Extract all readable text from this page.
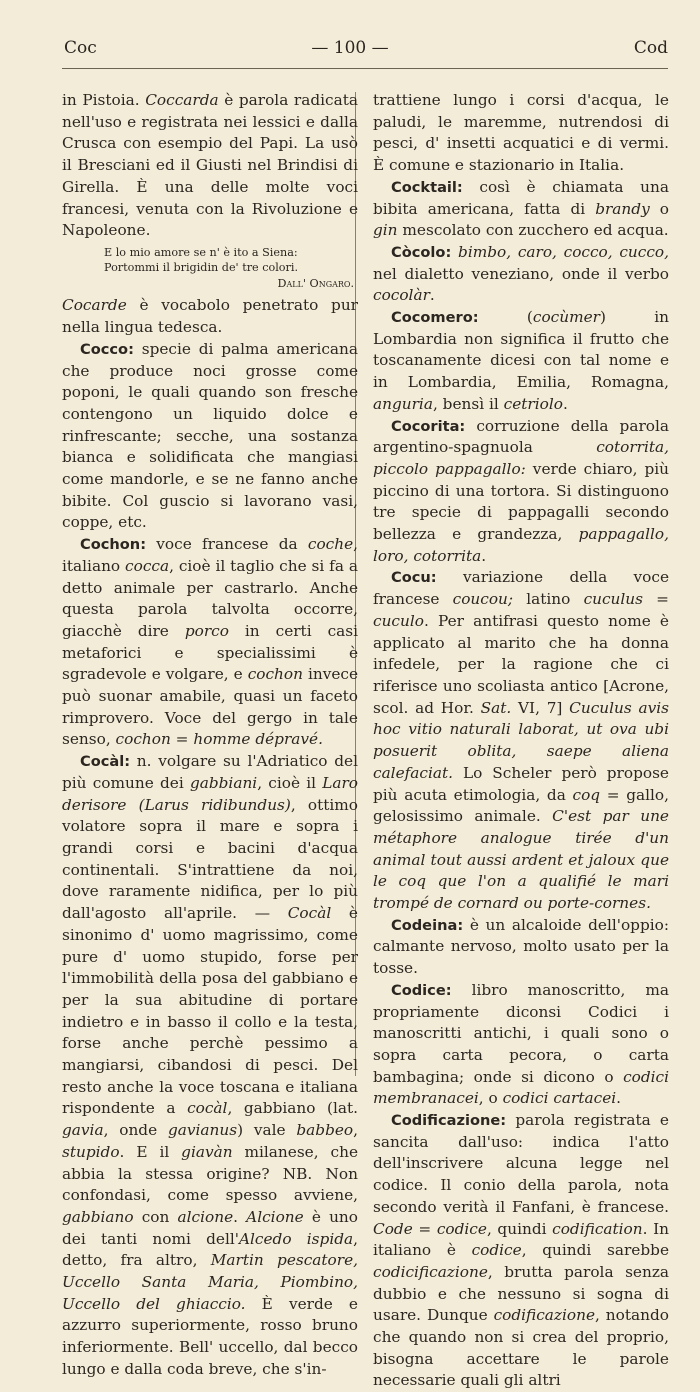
Coc	— 100 —	Cod

in Pistoia. Coccarda è parola radicata nell'uso e registrata nei lessici e dalla Crusca con esempio del Papi. La usò il Bresciani ed il Giusti nel Brindisi di Girella. È una delle molte voci francesi, venuta con la Rivoluzione e Napoleone.

E lo mio amore se n' è ito a Siena:
Portommi il brigidin de' tre colori.
Dall' Ongaro.

Cocarde è vocabolo penetrato pur nella lingua tedesca.

Cocco: specie di palma americana che produce noci grosse come poponi, le quali quando son fresche contengono un liquido dolce e rinfrescante; secche, una sostanza bianca e solidificata che mangiasi come mandorle, e se ne fanno anche bibite. Col guscio si lavorano vasi, coppe, etc.

Cochon: voce francese da coche, italiano cocca, cioè il taglio che si fa a detto animale per castrarlo. Anche questa parola talvolta occorre, giacchè dire porco in certi casi metaforici e specialissimi è sgradevole e volgare, e cochon invece può suonar amabile, quasi un faceto rimprovero. Voce del gergo in tale senso, cochon = homme dépravé.

Cocàl: n. volgare su l'Adriatico del più comune dei gabbiani, cioè il Laro derisore (Larus ridibundus), ottimo volatore sopra il mare e sopra i grandi corsi e bacini d'acqua continentali. S'intrattiene da noi, dove raramente nidifica, per lo più dall'agosto all'aprile. — Cocàl è sinonimo d' uomo magrissimo, come pure d' uomo stupido, forse per l'immobilità della posa del gabbiano e per la sua abitudine di portare indietro e in basso il collo e la testa, forse anche perchè pessimo a mangiarsi, cibandosi di pesci. Del resto anche la voce toscana e italiana rispondente a cocàl, gabbiano (lat. gavia, onde gavianus) vale babbeo, stupido. E il giavàn milanese, che abbia la stessa origine? NB. Non confondasi, come spesso avviene, gabbiano con alcione. Alcione è uno dei tanti nomi dell'Alcedo ispida, detto, fra altro, Martin pescatore, Uccello Santa Maria, Piombino, Uccello del ghiaccio. È verde e azzurro superiormente, rosso bruno inferiormente. Bell' uccello, dal becco lungo e dalla coda breve, che s'in-

trattiene lungo i corsi d'acqua, le paludi, le maremme, nutrendosi di pesci, d' insetti acquatici e di vermi. È comune e stazionario in Italia.

Cocktail: così è chiamata una bibita americana, fatta di brandy o gin mescolato con zucchero ed acqua.

Còcolo: bimbo, caro, cocco, cucco, nel dialetto veneziano, onde il verbo cocolàr.

Cocomero: (cocùmer) in Lombardia non significa il frutto che toscanamente dicesi con tal nome e in Lombardia, Emilia, Romagna, anguria, bensì il cetriolo.

Cocorita: corruzione della parola argentino-spagnuola cotorrita, piccolo pappagallo: verde chiaro, più piccino di una tortora. Si distinguono tre specie di pappagalli secondo bellezza e grandezza, pappagallo, loro, cotorrita.

Cocu: variazione della voce francese coucou; latino cuculus = cuculo. Per antifrasi questo nome è applicato al marito che ha donna infedele, per la ragione che ci riferisce uno scoliasta antico [Acrone, scol. ad Hor. Sat. VI, 7] Cuculus avis hoc vitio naturali laborat, ut ova ubi posuerit oblita, saepe aliena calefaciat. Lo Scheler però propose più acuta etimologia, da coq = gallo, gelosissimo animale. C'est par une métaphore analogue tirée d'un animal tout aussi ardent et jaloux que le coq que l'on a qualifié le mari trompé de cornard ou porte-cornes.

Codeina: è un alcaloide dell'oppio: calmante nervoso, molto usato per la tosse.

Codice: libro manoscritto, ma propriamente diconsi Codici i manoscritti antichi, i quali sono o sopra carta pecora, o carta bambagina; onde si dicono o codici membranacei, o codici cartacei.

Codificazione: parola registrata e sancita dall'uso: indica l'atto dell'inscrivere alcuna legge nel codice. Il conio della parola, nota secondo verità il Fanfani, è francese. Code = codice, quindi codification. In italiano è codice, quindi sarebbe codicificazione, brutta parola senza dubbio e che nessuno si sogna di usare. Dunque codificazione, notando che quando non si crea del proprio, bisogna accettare le parole necessarie quali gli altri
